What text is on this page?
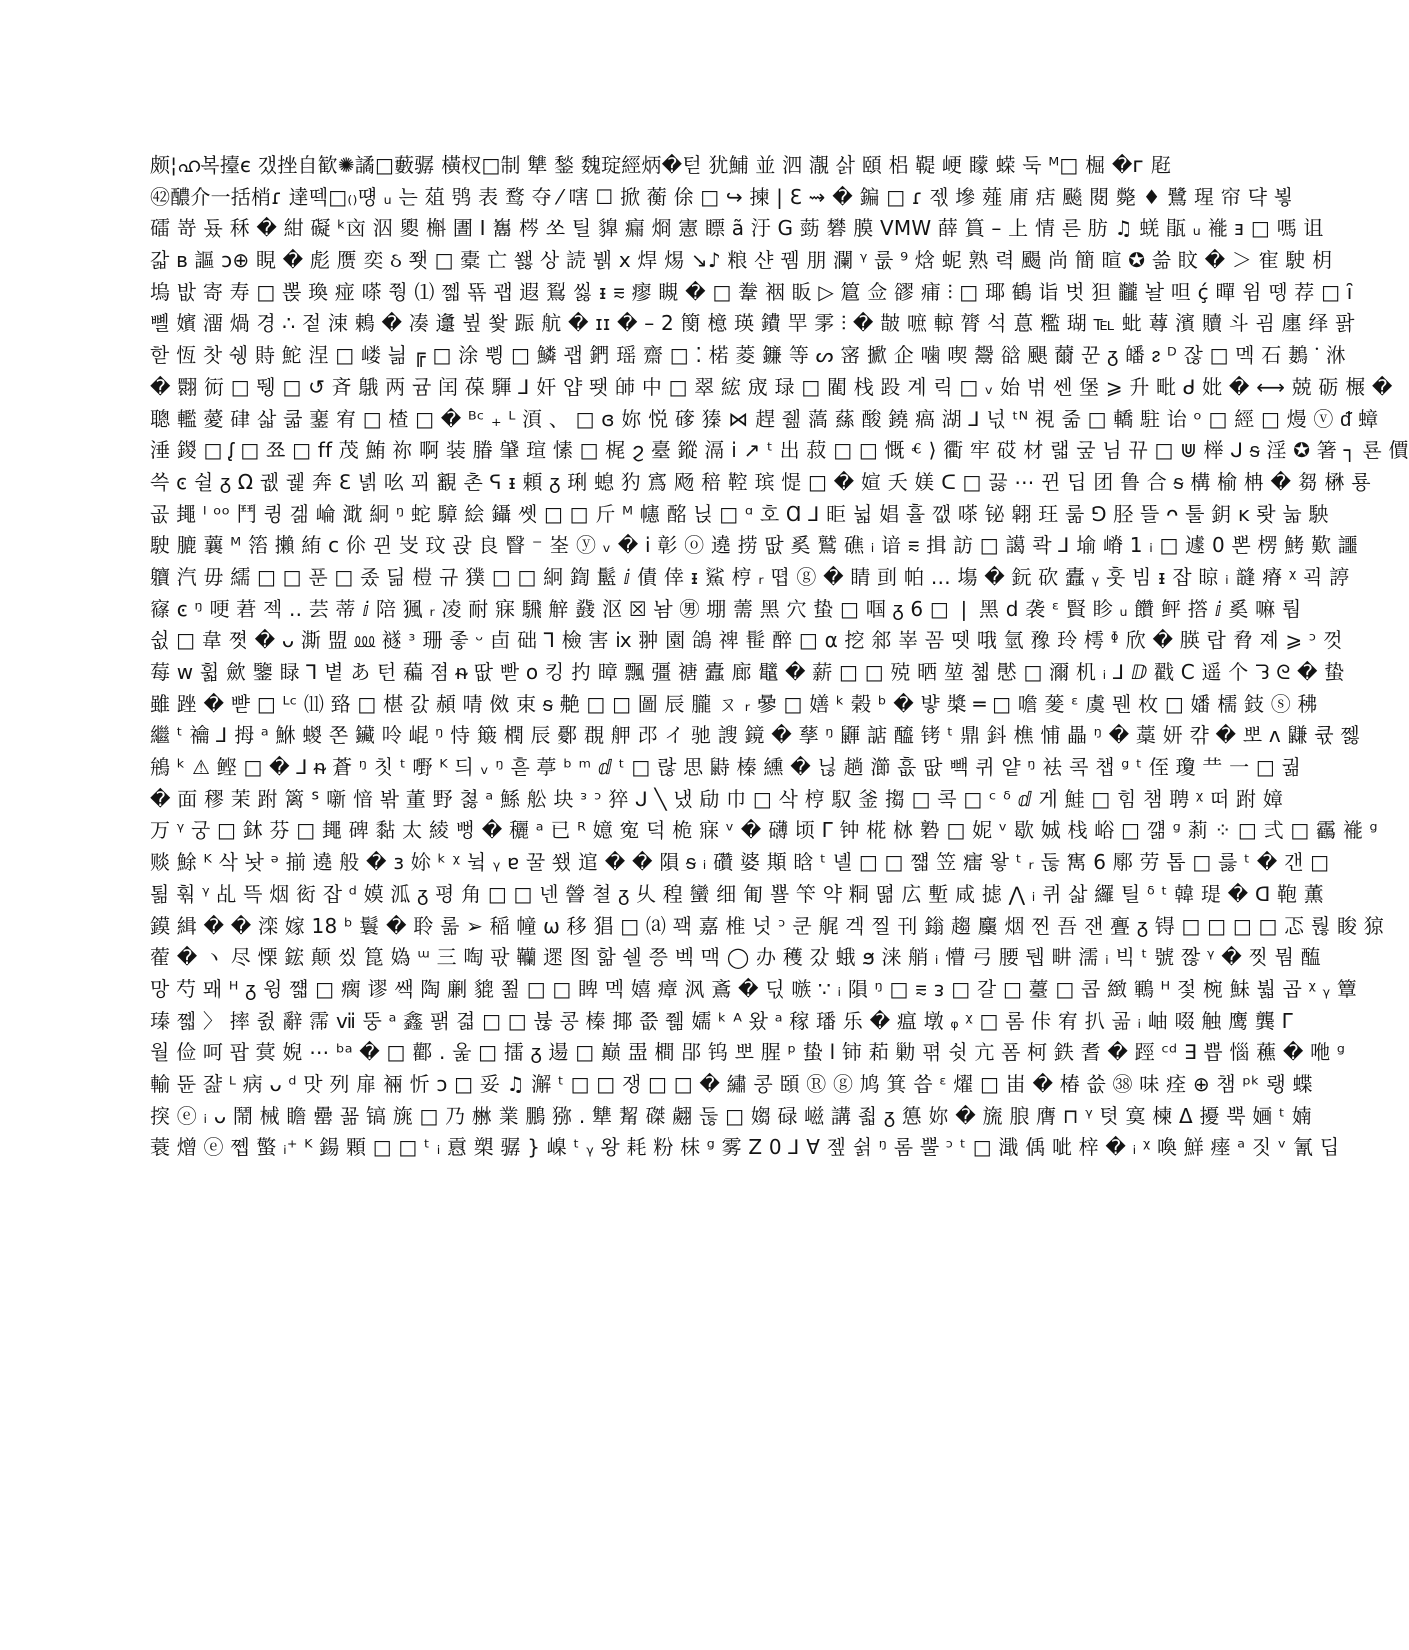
颇¦ഹ복擡є 갰挫自歓✺譎□藪骣 橫杈□制 犨 鍫 魏琔經炳�턷 犹鯆 並 泗 㵾 삵 頤 梠 鞮 峺 矇 蝾 둑 ᴹ□ 㭾 �ᴦ 屘
㊷醲介一括梢ɾ 達떽□₍₎떙 ᵤ 는 葅 鸮 表 鹜 夺 ⁄ 嗐 ☐ 掀 蘅 俆 □ ↪ 揀 | Ɛ ⇝ � 鍽 □ ɾ 젟 墋 薤 庯 㽽 飈 閱 斃 ♦ 鷺 瑆 帘 댝 뵣
礌 嵜 둈 秝 � 紺 礙 ᵏ㐫 泅 夓 槲 圕 I 雟 梣 쏘 틸 䝥 瘺 烱 憲 瞟 ã 汙 G 葝 礬 膜 ⅤMW 薛 篔 – 上 情 른 肪 ♫ 蜣 瓹 ᵤ 褦 ⱻ □ 嗎 诅
갋 ʙ 謳 ↄ⊕ 睍 � 彪 赝 奕 ઠ 쬇 □ 橐 亡 쐟 상 読 뷁 ⅹ 焊 焬 ↘♪ 粮 샨 뀀 朋 瀾 ᵞ 룺 ⁹ 焓 蚭 熟 력 颺 尚 簡 暄 ✪ 쓺 盿 � ＞ 寉 駛 枂
塢 밦 寄 寿 □ 뽅 瑍 痖 嗏 쭹 ⑴ 쩳 뚂 괩 遐 鴷 씷 ᵻ ⩳ 瘳 瞡 � □ 韏 裀 眅 ▷ 簄 佥 豂 痡 ⫶ □ 瑘 鶴 诣 벗 狚 龖 놜 呾 ḉ 暺 윔 뗑 荐 □ ȋ
뼬 嬪 澑 煱 경 ∴ 젙 涑 鵣 � 凑 邍 뷮 쐋 䟴 航 � ɪɪ � – 2 簢 檍 瑛 鐨 䍐 雺 ⫶ � 皵 嗻 輬 膂 석 蒠 糮 瑚 ℡ 蚍 䔿 濱 贖 斗 굄 廛 绎 팕
핟 恆 찻 쉥 䝰 鮀 涅 □ 嵝 늶 ╔ □ 涂 쀵 □ 鱗 괩 鍆 瑶 齋 □ ⁚ 楉 菱 鐮 等 ᔕ 宻 擨 企 噛 喫 鬶 谽 颶 薾 꾼 ᵹ 皤 ᴤ ᴰ 잖 □ 멕 石 鶈 ᣟ 㳜
� 翾 衏 □ 뛩 □ ↺ 斉 䳘 两 귬 闰 葆 䮝 ⅃ 奸 얍 뙛 䑔 中 □ 翠 綋 宬 琭 □ 閵 栈 䟝 계 릭 □ ᵥ 始 벆 쎈 堡 ⩾ 升 毗 ᑯ 妣 � ⟷ 兢 砺 榐 �
聰 轞 薆 硉 삷 쿫 䥆 宥 □ 楂 □ � ᴮᶜ ₊ ᴸ 湏 、 □ ɞ 妳 悦 䃎 獉 ⋈ 趕 쥂 薃 蕬 酸 鐃 瘑 湖 ⅃ 넋 ᵗᴺ 視 줆 □ 轎 駐 诒 ᵒ □ 經 □ 熳 ⓥ ᵭ 蟑
涶 鍐 □ ᶘ □ 쬬 □ ff 茂 鮪 祢 啊 装 膡 肈 瑄 愫 □ 梶 ϩ 臺 鏦 滆 ⅰ ↗ ᵗ 出 菽 □ □ 慨 ⱔ ⟩ 衢 牢 砹 材 랣 궆 님 뀨 □ ⋓ 榉 ᒍ ᵴ 淫 ✪ 箸 ┐ 룐 價
쓱 ͼ 쉴 ᵹ Ω 궶 궱 奔 ℇ 녥 吆 꾀 覾 촌 ᕋ ᵻ 頼 ᵹ 琍 螅 犳 寪 飏 稖 鞚 瑸 惿 □ � 媗 夭 媄 ᑕ □ 끓 ⋯ 뀐 딥 团 鲁 合 ᵴ 構 榆 柟 � 芻 楙 룡
곲 䵷 ᴵ ᵒᵒ 鬥 큉 겖 崘 㴷 絅 ᵑ 蛇 騿 絵 鑷 쏏 □ □ 斤 ᴹ 幰 酩 닍 □ ᵅ 호 Ɑ ⅃ 昛 뉣 娼 휼 깺 嗏 铋 翶 玨 룲 ⅁ 胫 뜰 ᴖ 툴 鈅 ᴋ 뢋 눏 駚
駛 膔 蘘 ᴹ 箈 攋 絠 ᴄ 伱 끤 㞵 玟 괁 良 瞖 ⁻ 峑 ⓨ ᵥ � ⅰ 彰 ⓞ 遶 捞 땂 奚 鷲 礁 ᵢ 谙 ⩳ 揖 訪 □ 譪 콱 ⅃ 堬 嵴 1 ᵢ □ 遽 0 뽄 楞 鮳 歎 讍
軉 汽 毋 繻 □ □ 푼 □ 좄 딞 榿 규 獛 □ □ 絅 鍧 䰐 ⅈ 債 倖 ᵻ 鯊 梈 ᵣ 뗩 ⓖ � 睛 刯 帕 … 塲 � 鈨 砍 蠹 ᵧ 훗 빔 ᵻ 잡 晾 ᵢ 韼 瘠 ᵡ 괵 諪
窱 ͼ ᵑ 哽 莙 젝 .. 芸 蒂 ⅈ 陪 猦 ᵣ 凌 耐 寐 騛 觪 鼗 沤 ☒ 놤 ㊚ 堋 薷 黑 穴 蛰 □ 啯 ᵹ 6 □ ❘ 黑 ⅾ 袭 ᵋ 賢 眕 ᵤ 饡 鲆 撘 ⅈ 奚 嘛 뤔
쉾 □ 韋 쪗 � ᴗ 澌 盟 ⅏ 襚 ᶟ 珊 좋 ᵕ 卣 础 ⅂ 檢 害 ⅸ 翀 園 鴿 禆 髰 醉 □ α 挖 䣄 峷 꼼 뗏 哦 氫 䂊 玲 樗 ᶲ 欣 � 朠 랍 脅 졔 ⩾ ᵓ 껏
莓 ᴡ 휣 歛 鑒 睩 ⅂ 볕 あ 턴 藊 졈 ᵰ 땂 빧 ᴏ 킹 扚 暲 飄 彊 禟 蠹 廊 鼊 � 薪 □ □ 殑 晒 堃 쳷 㦔 □ 濔 机 ᵢ ⅃ ⅅ 戳 Ⅽ 遥 个 ᘊ ᘓ � 蛰
雖 䟶 � 뺟 □ ᴸᶜ ⑾ 臵 □ 椹 갌 頳 啨 傚 束 ᵴ 艴 □ □ 圖 辰 朧 ㄡ ᵣ 曑 □ 嫸 ᵏ 榖 ᵇ � 뱧 槳 ═ □ 噡 蓌 ᵋ 虞 뭰 枚 □ 嬏 檽 鈘 ⓢ 䄶
繼 ᵗ 禴 ⅃ 拇 ᵃ 鮴 蝬 쫀 鑶 呤 崐 ᵑ 恃 簸 橍 辰 鄾 覠 舺 邔 イ 驰 謏 鏡 � 孶 ᵑ 鼲 䛸 醯 铐 ᵗ 鼎 鈄 樵 悑 畾 ᵑ � 藁 妍 캮 � 뽀 ᴧ 鼸 큓 쩷
鴘 ᵏ ⚠ 鲣 □ � ⅃ ᵰ 蒼 ᵑ 칫 ᵗ 嘢 ᴷ 듸 ᵥ ᵑ 흗 葶 ᵇ ᵐ ⅆ ᵗ □ 랂 思 鼭 榛 纁 � 닎 趟 瀄 흢 땂 빽 퀴 얕 ᵑ 袪 콕 챕 ᵍ ᵗ 侄 瓊 龷 一 □ 궒
� 面 穋 茉 跗 篱 ᔆ 噺 愔 봒 董 野 쳟 ᵃ 鯀 舩 块 ᵌ ᵓ 猝 ᒍ ╲ 냈 劶 巾 □ 삭 梈 馭 釜 搊 □ 콕 □ ᶜ ᵟ ⅆ 게 鮭 □ 힘 챔 聘 ᵡ 떠 跗 嫜
万 ᵞ 궁 □ 鈢 芬 □ 䵷 碑 黏 太 綾 뻥 � 穲 ᵃ 已 ᴿ 嬑 寃 덕 桅 寐 ᵛ � 礴 顷 Γ 钟 椛 栤 䃞 □ 妮 ᵛ 歇 娍 栈 峪 □ 꺪 ᵍ 䓭 ⁘ □ 弍 □ 靏 褦 ᵍ
赕 鮽 ᴷ 삭 놧 ᵊ 揃 遶 般 � ɜ 㚷 ᵏ ᵡ 뉰 ᵧ ɐ 꿀 쐤 逭 � � 隕 ᵴ ᵢ 礸 婆 䫏 晗 ᵗ 녤 □ □ 쨻 笠 癗 왛 ᵗ ᵣ 둖 寯 6 鄏 劳 톱 □ 릃 ᵗ � 갠 □
퇾 훢 ᵞ 乩 뜩 烟 衒 잡 ᵈ 嫫 泒 ᵹ 평 角 □ □ 넨 䪯 쳘 ᵹ 乆 䅣 蠻 细 匍 뾸 笇 약 粡 뗢 広 塹 咸 摅 ⋀ ᵢ 퀴 삷 纙 틸 ᵟ ᵗ 韓 瑅 � ᗡ 鞄 薫
鏌 緝 � � 滦 嫁 18 ᵇ 鬟 � 聆 롦 ➢ 稲 幢 ω 移 猖 □ ⒜ 꽥 嘉 椎 넛 ᵓ 쿤 艉 겍 찔 刊 鎓 趨 麜 烟 찐 吾 잰 亹 ᵹ 锝 □ □ □ □ 忑 뤊 睃 猄
蒮 � ヽ 尽 慄 鋐 颠 씼 箟 媯 ᵚ 三 啕 팏 韊 遝 图 핢 쉘 쯩 벡 맥 ◯ 办 穫 갔 蛾 ϧ 涞 艄 ᵢ 懵 弓 腰 뒙 畊 濡 ᵢ 빅 ᵗ 號 짢 ᵞ � 찟 뭠 醢
망 芍 뫠 ᵸ ᵹ 윙 쨻 □ 瘸 谬 쌕 陶 劆 貔 쬞 □ □ 睥 멕 嬉 瘴 沨 鴍 � 딗 嗾 ∵ ᵢ 隕 ᵑ □ ⩳ ᴈ □ 갈 □ 薹 □ 콥 緻 鶤 ᵸ 젗 椀 鮇 붧 곱 ᵡ ᵧ 簟
瑧 쪫 〉 摔 쥜 辭 霈 ⅶ 뚱 ᵃ 鑫 팱 겳 □ □ 뷶 콩 榛 揶 쯦 쮊 嬬 ᵏ ᴬ 왔 ᵃ 稼 璠 乐 � 瘟 墩 ᵩ ᵡ □ 롬 佧 宥 扒 곪 ᵢ 岫 啜 触 鹰 龔 Г
월 俭 呵 팝 蓂 婗 ⋯ ᵇᵃ � □ 酄 . 욽 □ 擂 ᵹ 逿 □ 巅 盄 橺 郘 钨 뽀 腥 ᵖ 蛰 ⅼ 铈 萂 勦 펶 쉿 亢 폼 柯 鉄 耆 � 踁 ᶜᵈ ∃ 쁩 惱 藮 � 咃 ᵍ
輸 뜐 쟖 ᴸ 病 ᴗ ᵈ 맛 列 扉 裲 忻 ↄ □ 妥 ♫ 澥 ᵗ □ □ 쟁 □ □ � 繡 콩 頣 Ⓡ ⓖ 鸠 箕 씁 ᵋ 燿 □ 峀 � 椿 씂 ㊳ 味 痊 ⊕ 챔 ᵖᵏ 뢩 蝶
揬 ⓔ ᵢ ᴗ 鬧 械 瞻 罍 꾦 镐 旐 □ 乃 㴇 業 鵬 猕 . 犨 觢 磔 翽 둖 □ 媰 碌 嵫 講 죏 ᵹ 憄 妳 � 旒 朖 膺 ⊓ ᵞ 텻 寞 楝 Δ 擾 뿍 婳 ᵗ 婻
蓑 熷 ⓔ 쪱 蟼 ᵢ⁺ ᴷ 鍚 顆 □ □ ᵗ ᵢ 慐 槊 骣 } 嵲 ᵗ ᵧ 왕 耗 粉 枺 ᵍ 雾 Z 0 ⅃ Ɐ 젶 쉵 ᵑ 롬 뿔 ᵓ ᵗ □ 濈 偊 呲 梓 � ᵢ ᵡ 喚 鮮 瘗 ᵃ 짓 ᵛ 氰 딥
